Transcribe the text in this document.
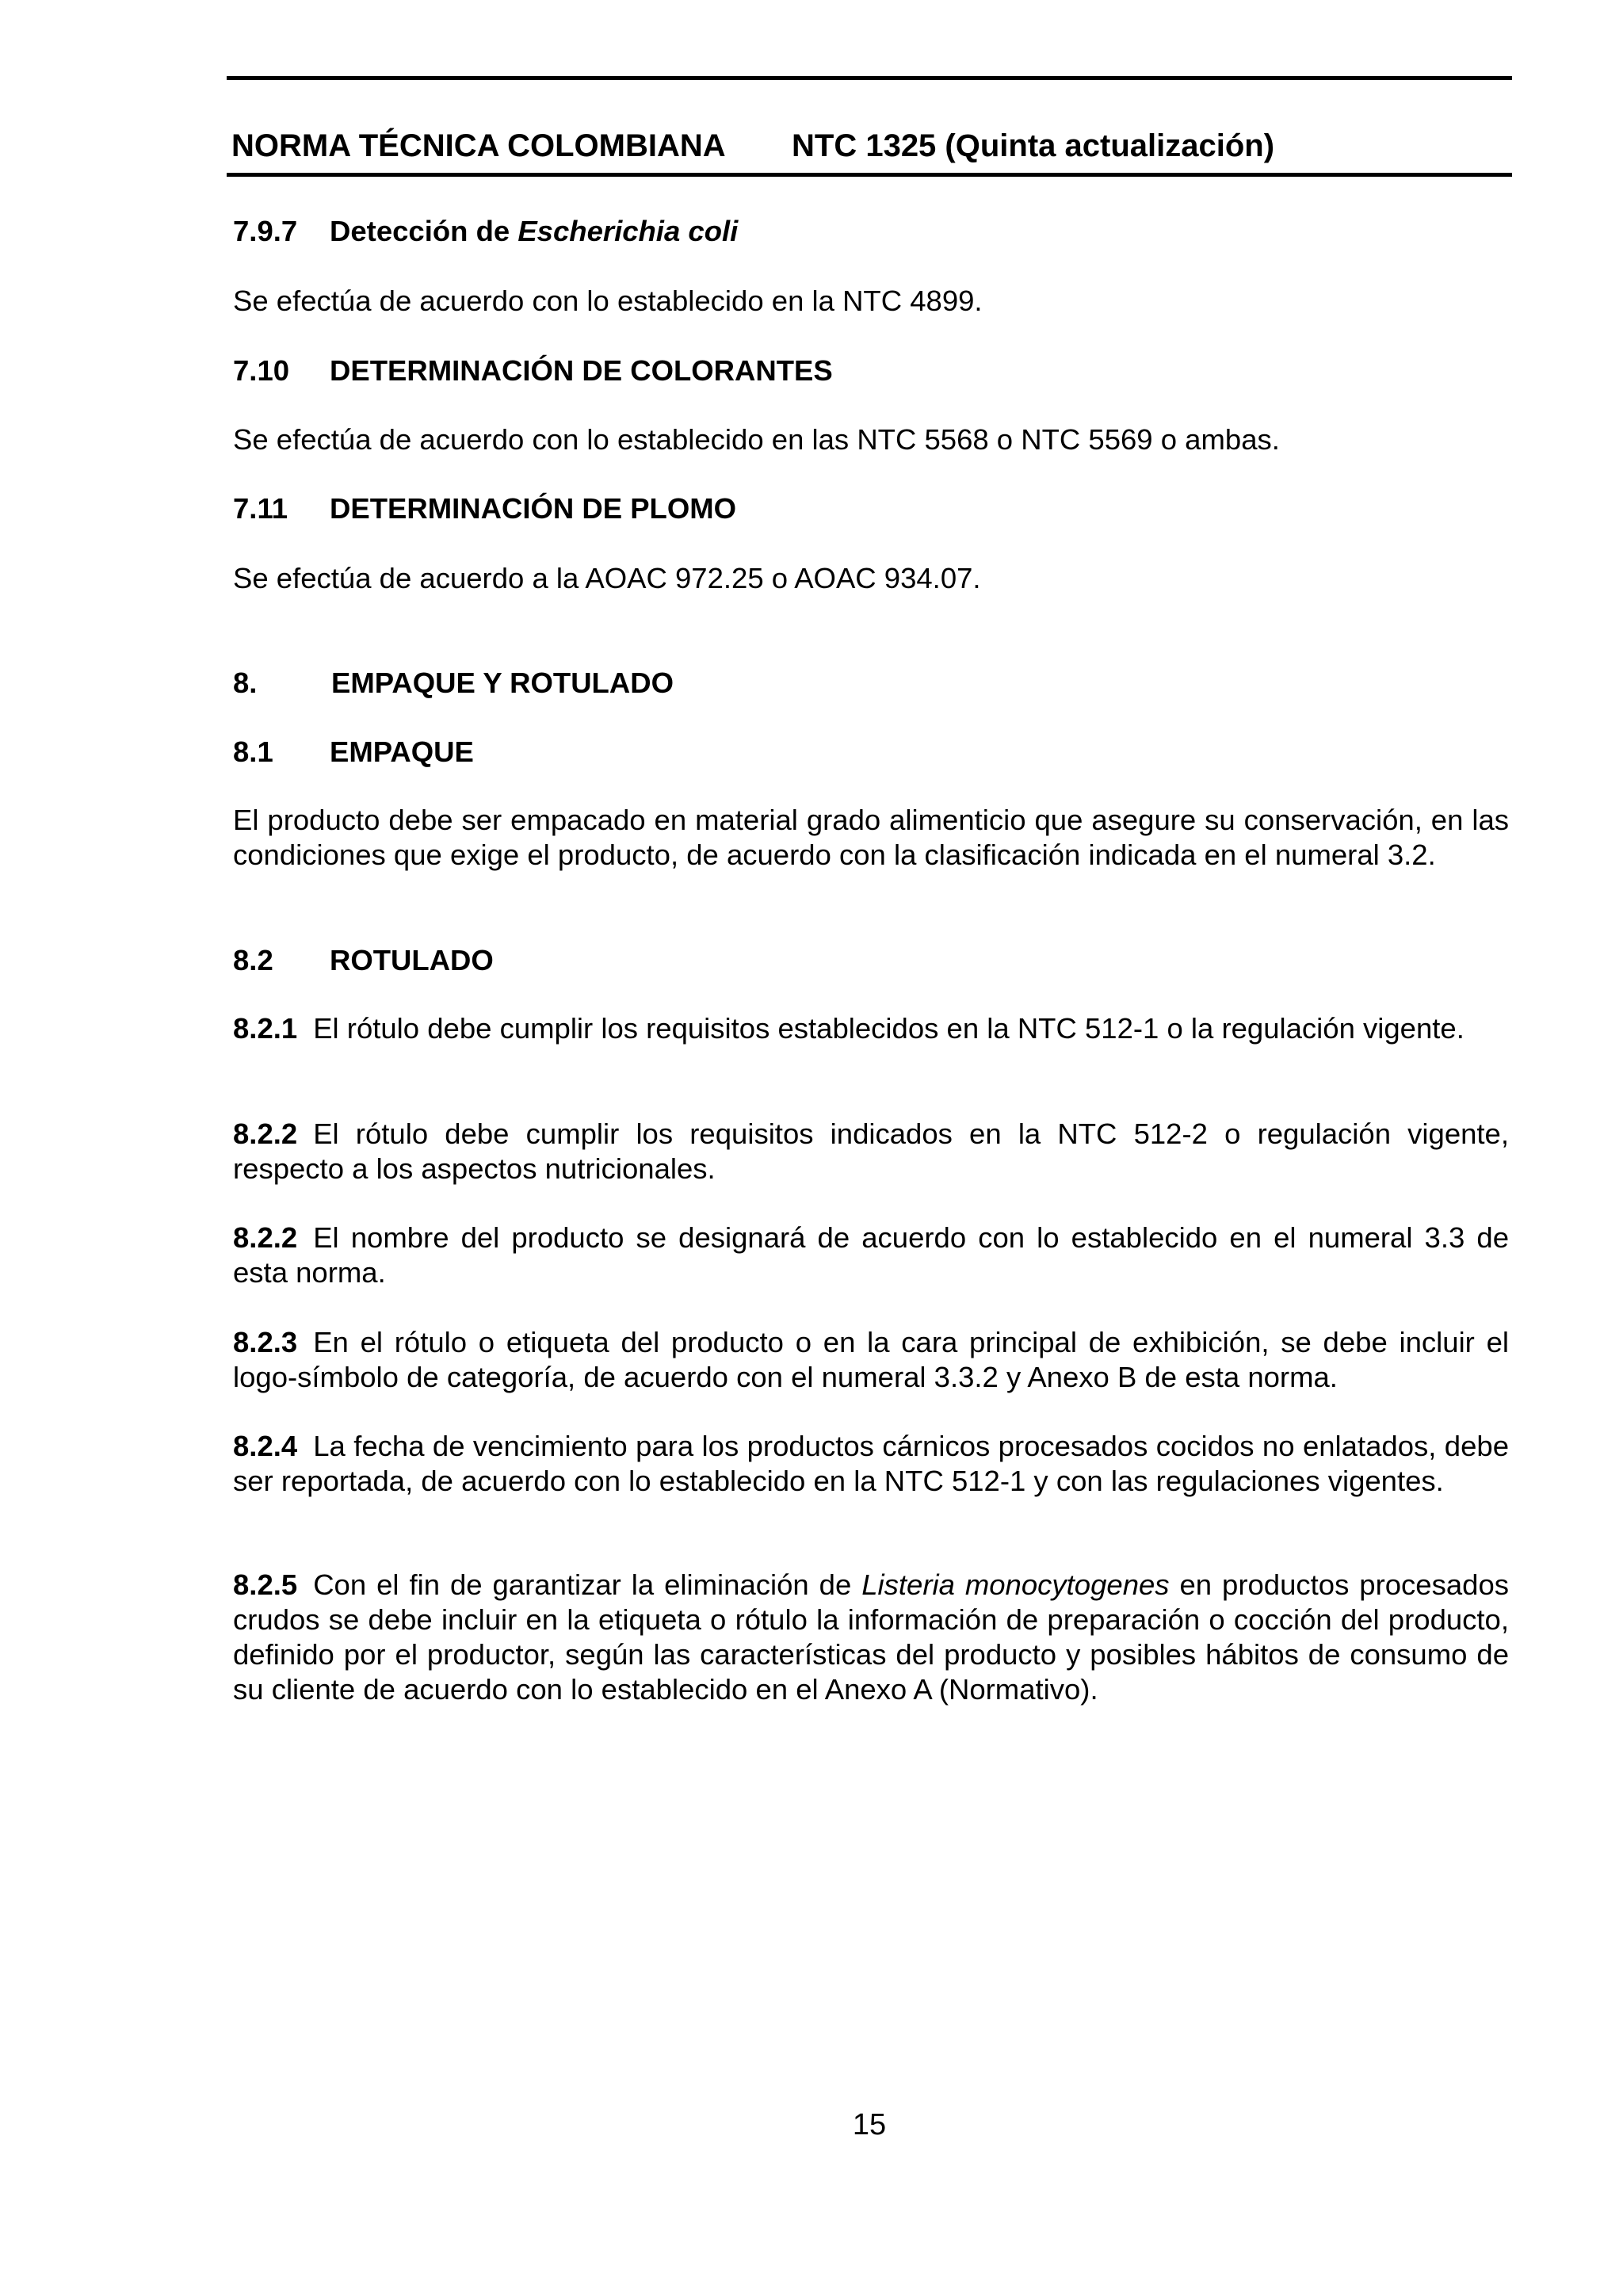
NORMA TÉCNICA COLOMBIANA NTC 1325 (Quinta actualización)
7.9.7 Detección de Escherichia coli
Se efectúa de acuerdo con lo establecido en la NTC 4899.
7.10 DETERMINACIÓN DE COLORANTES
Se efectúa de acuerdo con lo establecido en las NTC 5568 o NTC 5569 o ambas.
7.11 DETERMINACIÓN DE PLOMO
Se efectúa de acuerdo a la AOAC 972.25 o AOAC 934.07.
8.	EMPAQUE Y ROTULADO
8.1 EMPAQUE
El producto debe ser empacado en material grado alimenticio que asegure su conservación, en las condiciones que exige el producto, de acuerdo con la clasificación indicada en el numeral 3.2.
8.2 ROTULADO
8.2.1 El rótulo debe cumplir los requisitos establecidos en la NTC 512-1 o la regulación vigente.
8.2.2 El rótulo debe cumplir los requisitos indicados en la NTC 512-2 o regulación vigente, respecto a los aspectos nutricionales.
8.2.2 El nombre del producto se designará de acuerdo con lo establecido en el numeral 3.3 de esta norma.
8.2.3 En el rótulo o etiqueta del producto o en la cara principal de exhibición, se debe incluir el logo-símbolo de categoría, de acuerdo con el numeral 3.3.2 y Anexo B de esta norma.
8.2.4 La fecha de vencimiento para los productos cárnicos procesados cocidos no enlatados, debe ser reportada, de acuerdo con lo establecido en la NTC 512-1 y con las regulaciones vigentes.
8.2.5 Con el fin de garantizar la eliminación de Listeria monocytogenes en productos procesados crudos se debe incluir en la etiqueta o rótulo la información de preparación o cocción del producto, definido por el productor, según las características del producto y posibles hábitos de consumo de su cliente de acuerdo con lo establecido en el Anexo A (Normativo).
15
